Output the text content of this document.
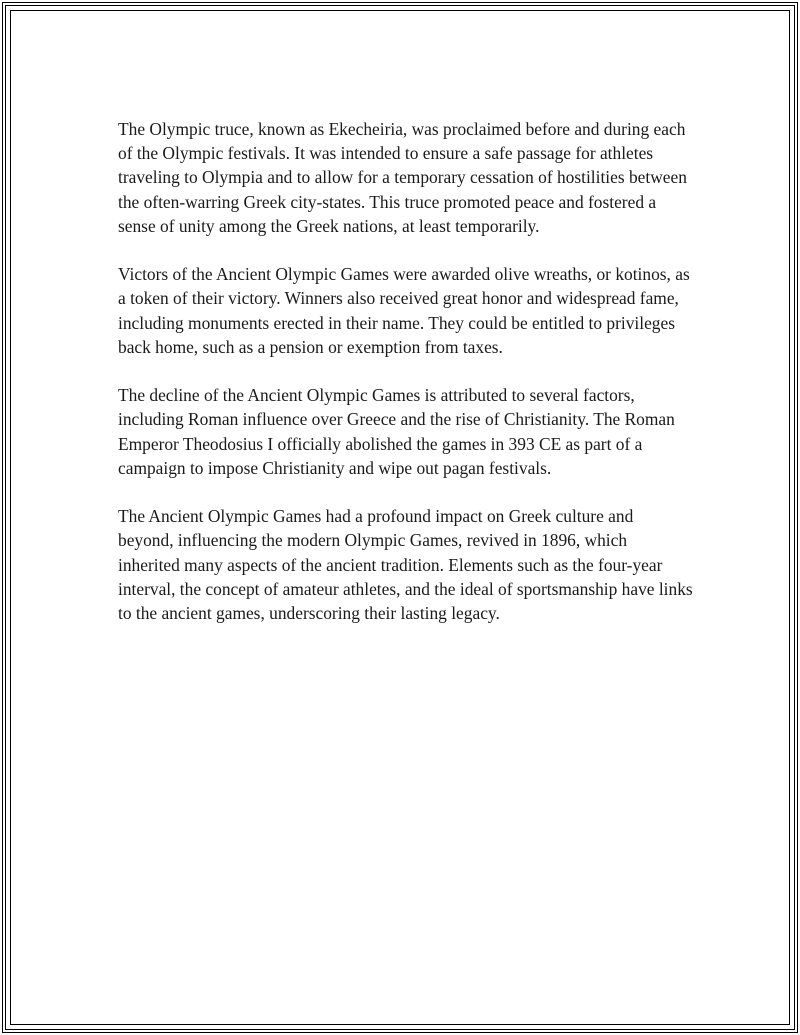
The Olympic truce, known as Ekecheiria, was proclaimed before and during each of the Olympic festivals. It was intended to ensure a safe passage for athletes traveling to Olympia and to allow for a temporary cessation of hostilities between the often-warring Greek city-states. This truce promoted peace and fostered a sense of unity among the Greek nations, at least temporarily.

Victors of the Ancient Olympic Games were awarded olive wreaths, or kotinos, as a token of their victory. Winners also received great honor and widespread fame, including monuments erected in their name. They could be entitled to privileges back home, such as a pension or exemption from taxes.

The decline of the Ancient Olympic Games is attributed to several factors, including Roman influence over Greece and the rise of Christianity. The Roman Emperor Theodosius I officially abolished the games in 393 CE as part of a campaign to impose Christianity and wipe out pagan festivals.

The Ancient Olympic Games had a profound impact on Greek culture and beyond, influencing the modern Olympic Games, revived in 1896, which inherited many aspects of the ancient tradition. Elements such as the four-year interval, the concept of amateur athletes, and the ideal of sportsmanship have links to the ancient games, underscoring their lasting legacy.
